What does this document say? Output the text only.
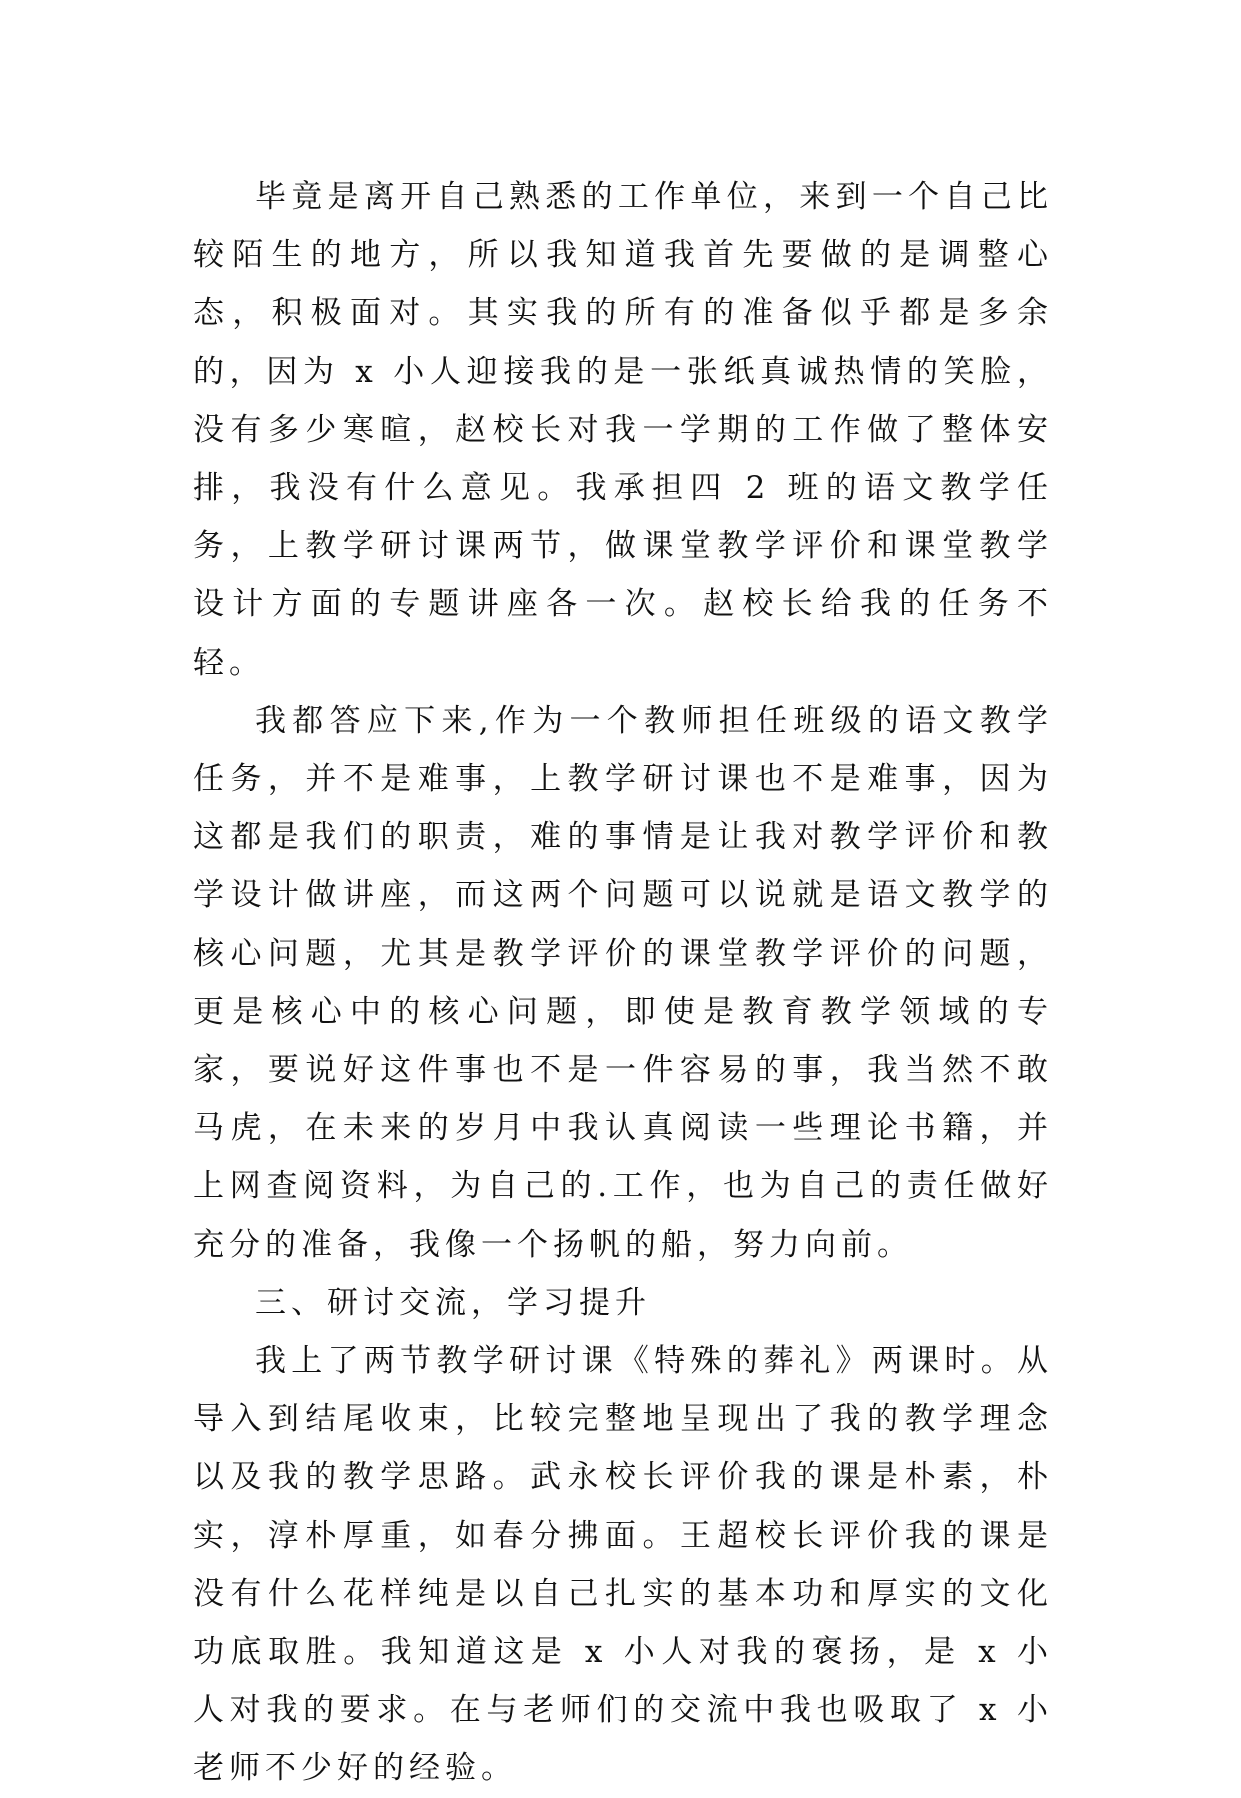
毕竟是离开自己熟悉的工作单位，来到一个自己比较陌生的地方，所以我知道我首先要做的是调整心态，积极面对。其实我的所有的准备似乎都是多余的，因为 x 小人迎接我的是一张纸真诚热情的笑脸，没有多少寒暄，赵校长对我一学期的工作做了整体安排，我没有什么意见。我承担四 2 班的语文教学任务，上教学研讨课两节，做课堂教学评价和课堂教学设计方面的专题讲座各一次。赵校长给我的任务不轻。

我都答应下来,作为一个教师担任班级的语文教学任务，并不是难事，上教学研讨课也不是难事，因为这都是我们的职责，难的事情是让我对教学评价和教学设计做讲座，而这两个问题可以说就是语文教学的核心问题，尤其是教学评价的课堂教学评价的问题，更是核心中的核心问题，即使是教育教学领域的专家，要说好这件事也不是一件容易的事，我当然不敢马虎，在未来的岁月中我认真阅读一些理论书籍，并上网查阅资料，为自己的.工作，也为自己的责任做好充分的准备，我像一个扬帆的船，努力向前。

三、研讨交流，学习提升

我上了两节教学研讨课《特殊的葬礼》两课时。从导入到结尾收束，比较完整地呈现出了我的教学理念以及我的教学思路。武永校长评价我的课是朴素，朴实，淳朴厚重，如春分拂面。王超校长评价我的课是没有什么花样纯是以自己扎实的基本功和厚实的文化功底取胜。我知道这是 x 小人对我的褒扬，是 x 小人对我的要求。在与老师们的交流中我也吸取了 x 小老师不少好的经验。
